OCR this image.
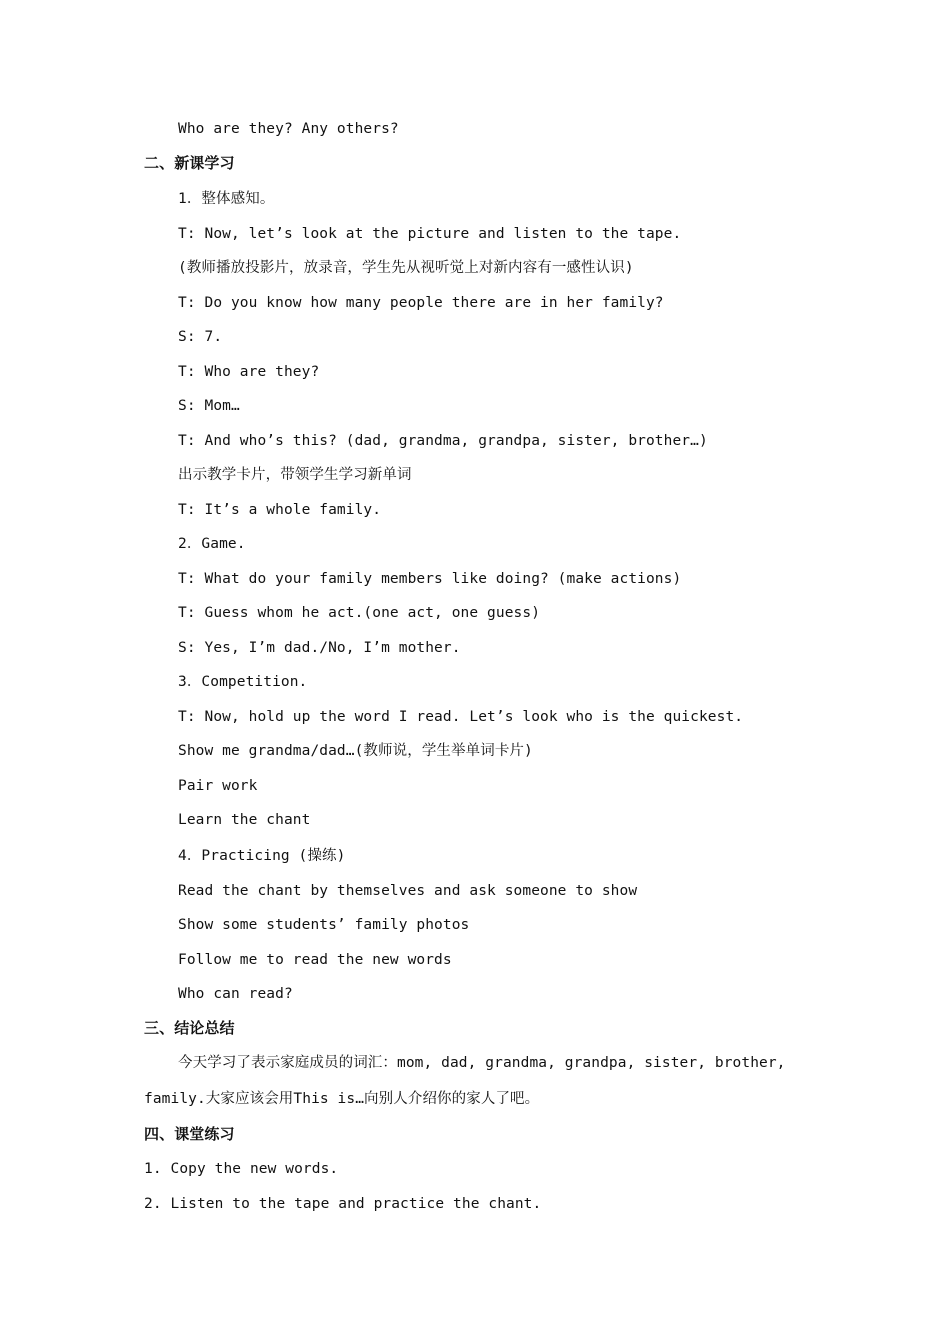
Who are they? Any others?
二、新课学习
1．整体感知。
T: Now, let’s look at the picture and listen to the tape.
(教师播放投影片，放录音，学生先从视听觉上对新内容有一感性认识)
T: Do you know how many people there are in her family?
S: 7.
T: Who are they?
S: Mom…
T: And who’s this? (dad, grandma, grandpa, sister, brother…)
出示教学卡片，带领学生学习新单词
T: It’s a whole family.
2．Game.
T: What do your family members like doing? (make actions)
T: Guess whom he act.(one act, one guess)
S: Yes, I’m dad./No, I’m mother.
3．Competition.
T: Now, hold up the word I read. Let’s look who is the quickest.
Show me grandma/dad…(教师说，学生举单词卡片)
Pair work
Learn the chant
4．Practicing (操练)
Read the chant by themselves and ask someone to show
Show some students’ family photos
Follow me to read the new words
Who can read?
三、结论总结
今天学习了表示家庭成员的词汇：mom, dad, grandma, grandpa, sister, brother,
family.大家应该会用This is…向别人介绍你的家人了吧。
四、课堂练习
1. Copy the new words.
2. Listen to the tape and practice the chant.
